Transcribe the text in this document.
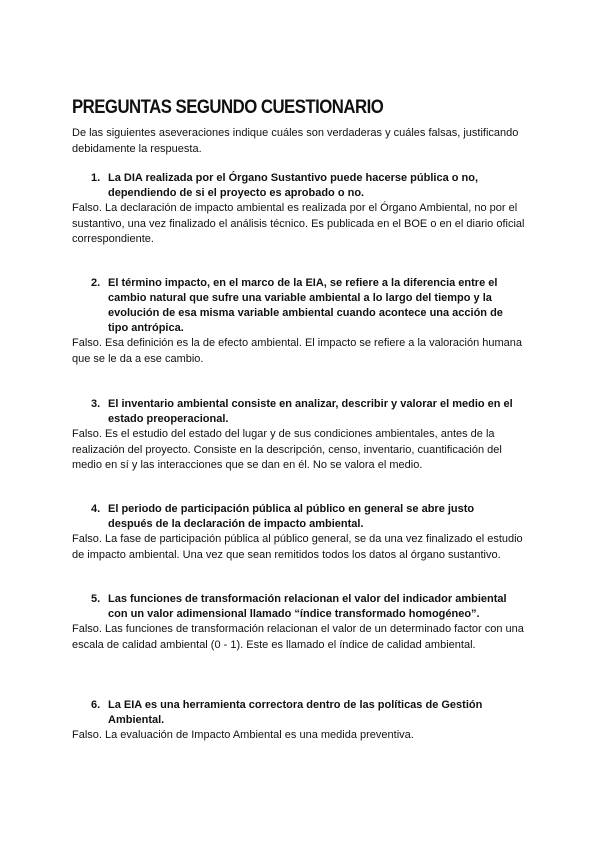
PREGUNTAS SEGUNDO CUESTIONARIO

De las siguientes aseveraciones indique cuáles son verdaderas y cuáles falsas, justificando debidamente la respuesta.

1. La DIA realizada por el Órgano Sustantivo puede hacerse pública o no, dependiendo de si el proyecto es aprobado o no.

Falso. La declaración de impacto ambiental es realizada por el Órgano Ambiental, no por el sustantivo, una vez finalizado el análisis técnico. Es publicada en el BOE o en el diario oficial correspondiente.

2. El término impacto, en el marco de la EIA, se refiere a la diferencia entre el cambio natural que sufre una variable ambiental a lo largo del tiempo y la evolución de esa misma variable ambiental cuando acontece una acción de tipo antrópica.

Falso. Esa definición es la de efecto ambiental. El impacto se refiere a la valoración humana que se le da a ese cambio.

3. El inventario ambiental consiste en analizar, describir y valorar el medio en el estado preoperacional.

Falso. Es el estudio del estado del lugar y de sus condiciones ambientales, antes de la realización del proyecto. Consiste en la descripción, censo, inventario, cuantificación del medio en sí y las interacciones que se dan en él. No se valora el medio.

4. El periodo de participación pública al público en general se abre justo después de la declaración de impacto ambiental.

Falso. La fase de participación pública al público general, se da una vez finalizado el estudio de impacto ambiental. Una vez que sean remitidos todos los datos al órgano sustantivo.

5. Las funciones de transformación relacionan el valor del indicador ambiental con un valor adimensional llamado “índice transformado homogéneo”.

Falso. Las funciones de transformación relacionan el valor de un determinado factor con una escala de calidad ambiental (0 - 1). Este es llamado el índice de calidad ambiental.

6. La EIA es una herramienta correctora dentro de las políticas de Gestión Ambiental.

Falso. La evaluación de Impacto Ambiental es una medida preventiva.
